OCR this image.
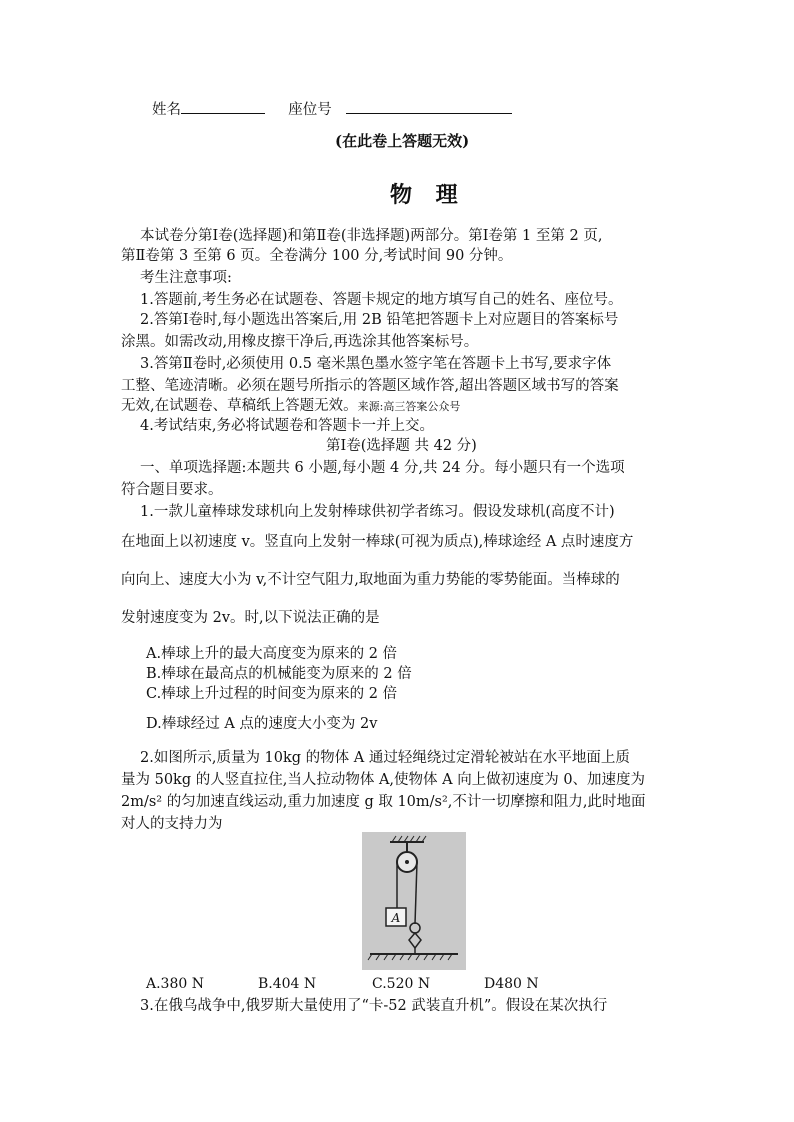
姓名	座位号
(在此卷上答题无效)
物 理
本试卷分第Ⅰ卷(选择题)和第Ⅱ卷(非选择题)两部分。第Ⅰ卷第 1 至第 2 页,
第Ⅱ卷第 3 至第 6 页。全卷满分 100 分,考试时间 90 分钟。
考生注意事项:
1.答题前,考生务必在试题卷、答题卡规定的地方填写自己的姓名、座位号。
2.答第Ⅰ卷时,每小题选出答案后,用 2B 铅笔把答题卡上对应题目的答案标号
涂黑。如需改动,用橡皮擦干净后,再选涂其他答案标号。
3.答第Ⅱ卷时,必须使用 0.5 毫米黑色墨水签字笔在答题卡上书写,要求字体
工整、笔迹清晰。必须在题号所指示的答题区域作答,超出答题区域书写的答案
无效,在试题卷、草稿纸上答题无效。来源:高三答案公众号
4.考试结束,务必将试题卷和答题卡一并上交。
第Ⅰ卷(选择题 共 42 分)
一、单项选择题:本题共 6 小题,每小题 4 分,共 24 分。每小题只有一个选项
符合题目要求。
1.一款儿童棒球发球机向上发射棒球供初学者练习。假设发球机(高度不计)
在地面上以初速度 v。竖直向上发射一棒球(可视为质点),棒球途经 A 点时速度方
向向上、速度大小为 v,不计空气阻力,取地面为重力势能的零势能面。当棒球的
发射速度变为 2v。时,以下说法正确的是
A.棒球上升的最大高度变为原来的 2 倍
B.棒球在最高点的机械能变为原来的 2 倍
C.棒球上升过程的时间变为原来的 2 倍
D.棒球经过 A 点的速度大小变为 2v
2.如图所示,质量为 10kg 的物体 A 通过轻绳绕过定滑轮被站在水平地面上质
量为 50kg 的人竖直拉住,当人拉动物体 A,使物体 A 向上做初速度为 0、加速度为
2m/s² 的匀加速直线运动,重力加速度 g 取 10m/s²,不计一切摩擦和阻力,此时地面
对人的支持力为
A
A.380 N	B.404 N	C.520 N	D480 N
3.在俄乌战争中,俄罗斯大量使用了“卡-52 武装直升机”。假设在某次执行
